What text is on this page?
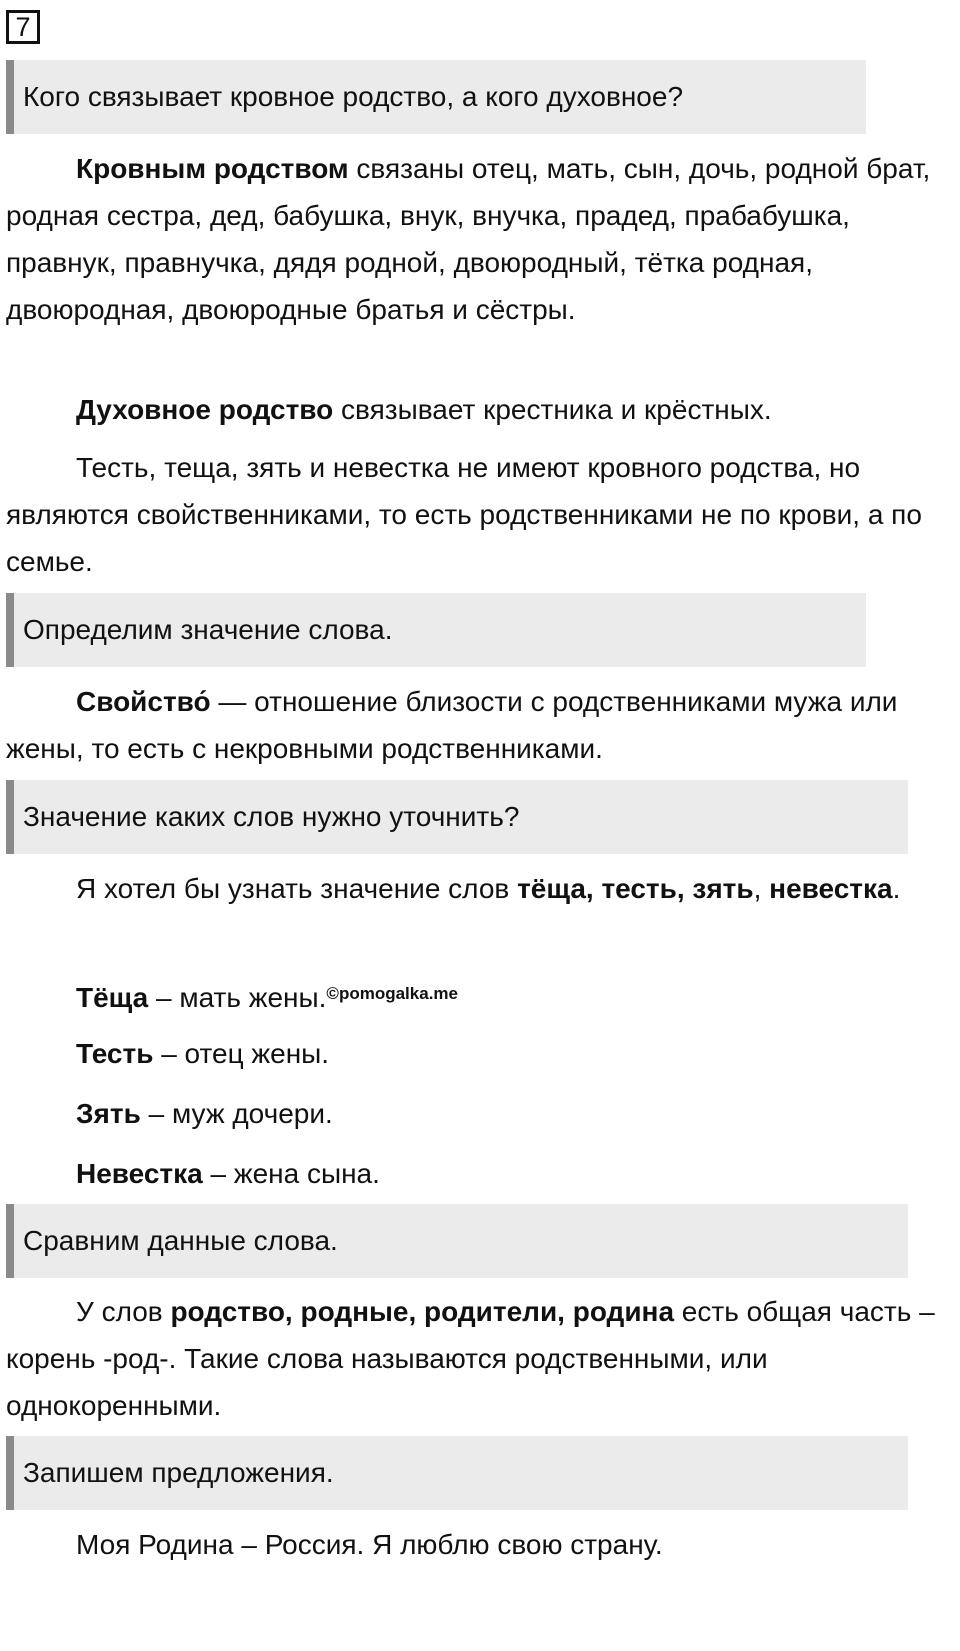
7
Кого связывает кровное родство, а кого духовное?

Кровным родством связаны отец, мать, сын, дочь, родной брат, родная сестра, дед, бабушка, внук, внучка, прадед, прабабушка, правнук, правнучка, дядя родной, двоюродный, тётка родная, двоюродная, двоюродные братья и сёстры.

Духовное родство связывает крестника и крёстных.

Тесть, теща, зять и невестка не имеют кровного родства, но являются свойственниками, то есть родственниками не по крови, а по семье.

Определим значение слова.

Свойство́ — отношение близости с родственниками мужа или жены, то есть с некровными родственниками.

Значение каких слов нужно уточнить?

Я хотел бы узнать значение слов тёща, тесть, зять, невестка.

Тёща – мать жены.$^{©pomogalka.me}$
Тесть – отец жены.
Зять – муж дочери.
Невестка – жена сына.
Сравним данные слова.

У слов родство, родные, родители, родина есть общая часть – корень -род-. Такие слова называются родственными, или однокоренными.

Запишем предложения.
Моя Родина – Россия. Я люблю свою страну.
